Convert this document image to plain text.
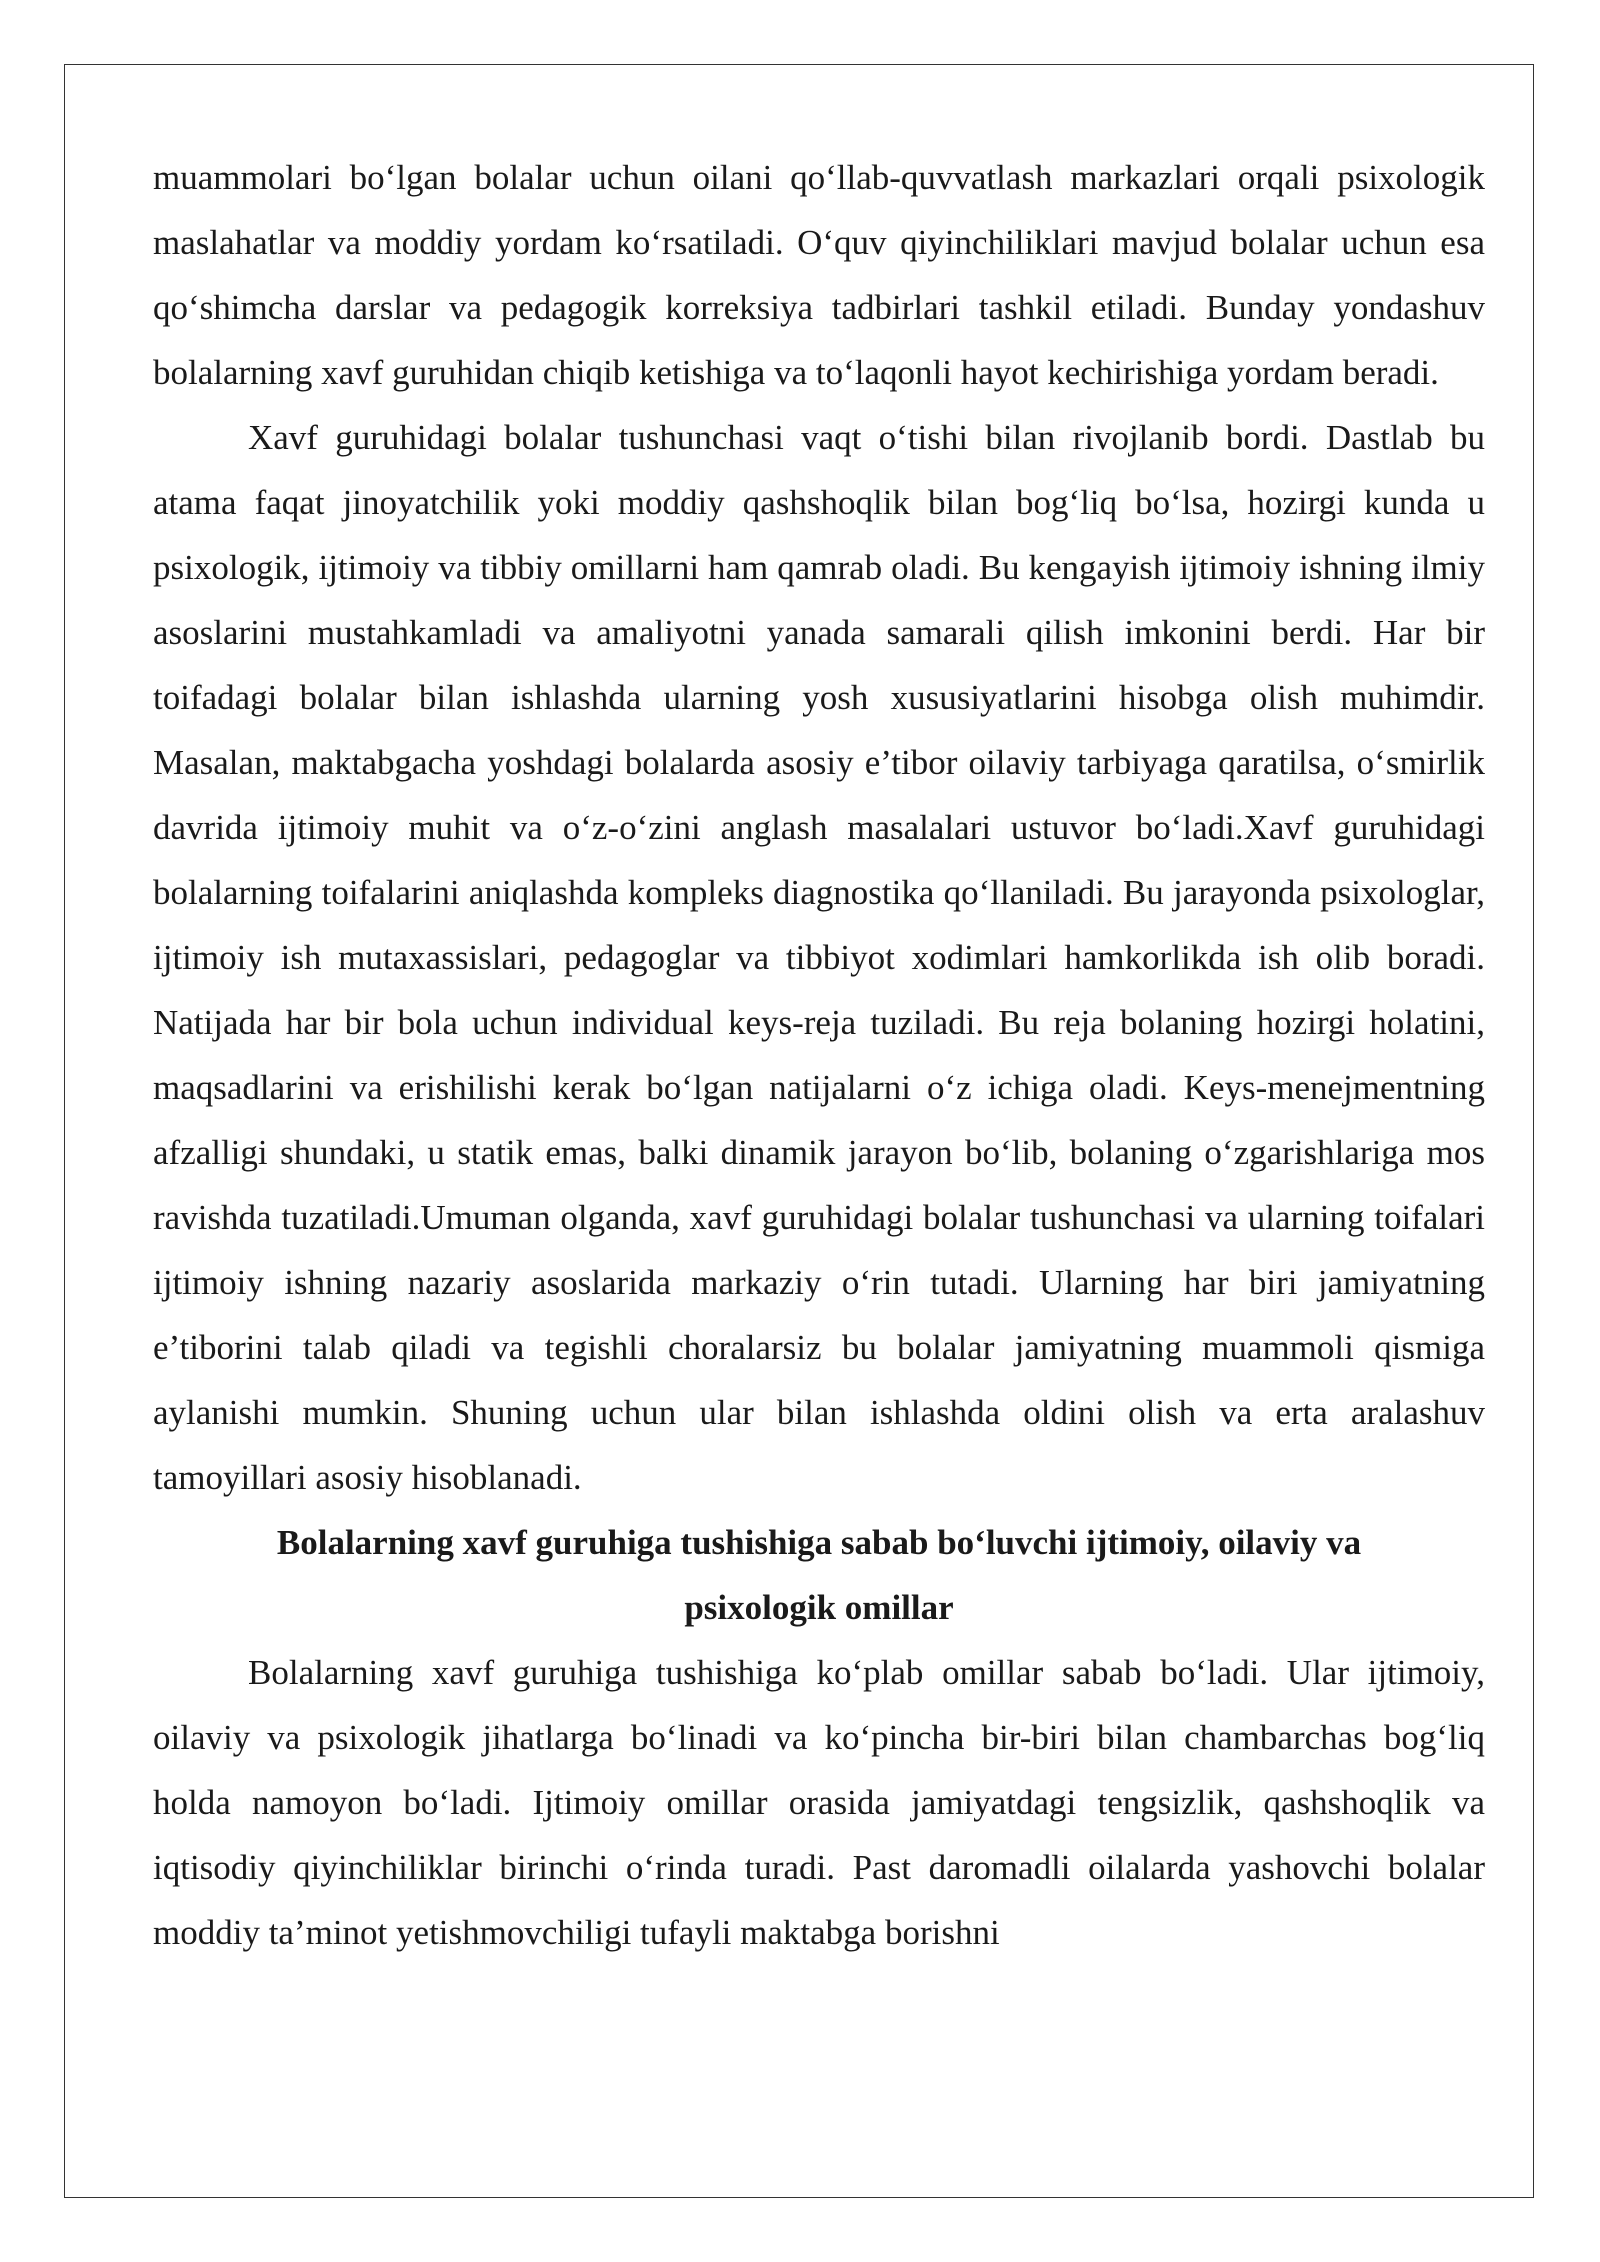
muammolari bo‘lgan bolalar uchun oilani qo‘llab-quvvatlash markazlari orqali psixologik maslahatlar va moddiy yordam ko‘rsatiladi. O‘quv qiyinchiliklari mavjud bolalar uchun esa qo‘shimcha darslar va pedagogik korreksiya tadbirlari tashkil etiladi. Bunday yondashuv bolalarning xavf guruhidan chiqib ketishiga va to‘laqonli hayot kechirishiga yordam beradi.

Xavf guruhidagi bolalar tushunchasi vaqt o‘tishi bilan rivojlanib bordi. Dastlab bu atama faqat jinoyatchilik yoki moddiy qashshoqlik bilan bog‘liq bo‘lsa, hozirgi kunda u psixologik, ijtimoiy va tibbiy omillarni ham qamrab oladi. Bu kengayish ijtimoiy ishning ilmiy asoslarini mustahkamladi va amaliyotni yanada samarali qilish imkonini berdi. Har bir toifadagi bolalar bilan ishlashda ularning yosh xususiyatlarini hisobga olish muhimdir. Masalan, maktabgacha yoshdagi bolalarda asosiy e’tibor oilaviy tarbiyaga qaratilsa, o‘smirlik davrida ijtimoiy muhit va o‘z-o‘zini anglash masalalari ustuvor bo‘ladi.Xavf guruhidagi bolalarning toifalarini aniqlashda kompleks diagnostika qo‘llaniladi. Bu jarayonda psixologlar, ijtimoiy ish mutaxassislari, pedagoglar va tibbiyot xodimlari hamkorlikda ish olib boradi. Natijada har bir bola uchun individual keys-reja tuziladi. Bu reja bolaning hozirgi holatini, maqsadlarini va erishilishi kerak bo‘lgan natijalarni o‘z ichiga oladi. Keys-menejmentning afzalligi shundaki, u statik emas, balki dinamik jarayon bo‘lib, bolaning o‘zgarishlariga mos ravishda tuzatiladi.Umuman olganda, xavf guruhidagi bolalar tushunchasi va ularning toifalari ijtimoiy ishning nazariy asoslarida markaziy o‘rin tutadi. Ularning har biri jamiyatning e’tiborini talab qiladi va tegishli choralarsiz bu bolalar jamiyatning muammoli qismiga aylanishi mumkin. Shuning uchun ular bilan ishlashda oldini olish va erta aralashuv tamoyillari asosiy hisoblanadi.

Bolalarning xavf guruhiga tushishiga sabab bo‘luvchi ijtimoiy, oilaviy va
psixologik omillar

Bolalarning xavf guruhiga tushishiga ko‘plab omillar sabab bo‘ladi. Ular ijtimoiy, oilaviy va psixologik jihatlarga bo‘linadi va ko‘pincha bir-biri bilan chambarchas bog‘liq holda namoyon bo‘ladi. Ijtimoiy omillar orasida jamiyatdagi tengsizlik, qashshoqlik va iqtisodiy qiyinchiliklar birinchi o‘rinda turadi. Past daromadli oilalarda yashovchi bolalar moddiy ta’minot yetishmovchiligi tufayli maktabga borishni
